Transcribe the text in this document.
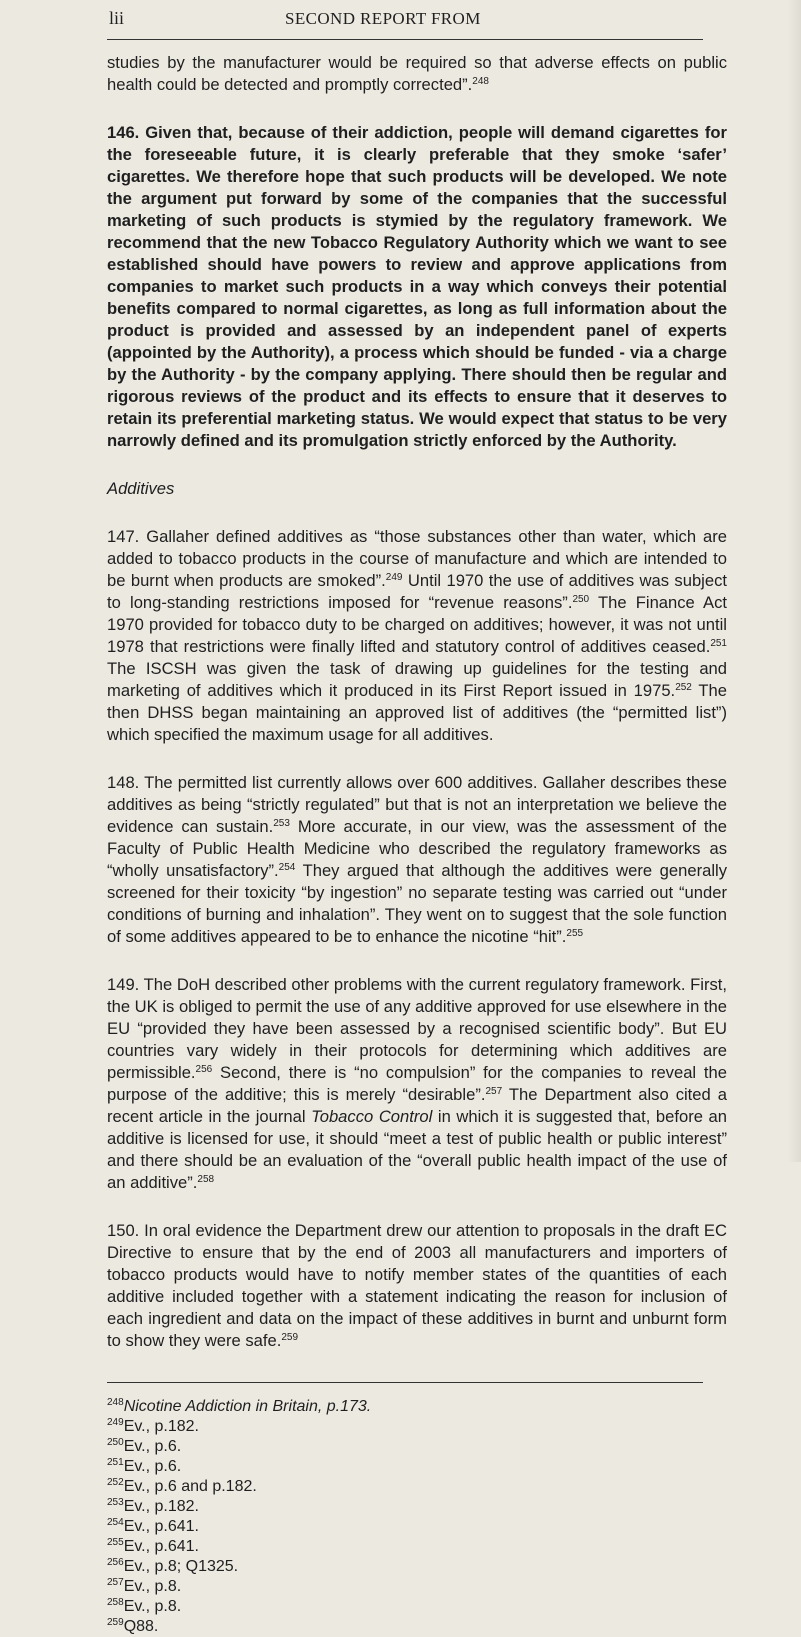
lii	SECOND REPORT FROM

studies by the manufacturer would be required so that adverse effects on public health could be detected and promptly corrected”.$^{248}$

146. Given that, because of their addiction, people will demand cigarettes for the foreseeable future, it is clearly preferable that they smoke ‘safer’ cigarettes. We therefore hope that such products will be developed. We note the argument put forward by some of the companies that the successful marketing of such products is stymied by the regulatory framework. We recommend that the new Tobacco Regulatory Authority which we want to see established should have powers to review and approve applications from companies to market such products in a way which conveys their potential benefits compared to normal cigarettes, as long as full information about the product is provided and assessed by an independent panel of experts (appointed by the Authority), a process which should be funded - via a charge by the Authority - by the company applying. There should then be regular and rigorous reviews of the product and its effects to ensure that it deserves to retain its preferential marketing status. We would expect that status to be very narrowly defined and its promulgation strictly enforced by the Authority.

Additives

147. Gallaher defined additives as “those substances other than water, which are added to tobacco products in the course of manufacture and which are intended to be burnt when products are smoked”.$^{249}$ Until 1970 the use of additives was subject to long-standing restrictions imposed for “revenue reasons”.$^{250}$ The Finance Act 1970 provided for tobacco duty to be charged on additives; however, it was not until 1978 that restrictions were finally lifted and statutory control of additives ceased.$^{251}$ The ISCSH was given the task of drawing up guidelines for the testing and marketing of additives which it produced in its First Report issued in 1975.$^{252}$ The then DHSS began maintaining an approved list of additives (the “permitted list”) which specified the maximum usage for all additives.

148. The permitted list currently allows over 600 additives. Gallaher describes these additives as being “strictly regulated” but that is not an interpretation we believe the evidence can sustain.$^{253}$ More accurate, in our view, was the assessment of the Faculty of Public Health Medicine who described the regulatory frameworks as “wholly unsatisfactory”.$^{254}$ They argued that although the additives were generally screened for their toxicity “by ingestion” no separate testing was carried out “under conditions of burning and inhalation”. They went on to suggest that the sole function of some additives appeared to be to enhance the nicotine “hit”.$^{255}$

149. The DoH described other problems with the current regulatory framework. First, the UK is obliged to permit the use of any additive approved for use elsewhere in the EU “provided they have been assessed by a recognised scientific body”. But EU countries vary widely in their protocols for determining which additives are permissible.$^{256}$ Second, there is “no compulsion” for the companies to reveal the purpose of the additive; this is merely “desirable”.$^{257}$ The Department also cited a recent article in the journal Tobacco Control in which it is suggested that, before an additive is licensed for use, it should “meet a test of public health or public interest” and there should be an evaluation of the “overall public health impact of the use of an additive”.$^{258}$

150. In oral evidence the Department drew our attention to proposals in the draft EC Directive to ensure that by the end of 2003 all manufacturers and importers of tobacco products would have to notify member states of the quantities of each additive included together with a statement indicating the reason for inclusion of each ingredient and data on the impact of these additives in burnt and unburnt form to show they were safe.$^{259}$

$^{248}$Nicotine Addiction in Britain, p.173.
$^{249}$Ev., p.182.
$^{250}$Ev., p.6.
$^{251}$Ev., p.6.
$^{252}$Ev., p.6 and p.182.
$^{253}$Ev., p.182.
$^{254}$Ev., p.641.
$^{255}$Ev., p.641.
$^{256}$Ev., p.8; Q1325.
$^{257}$Ev., p.8.
$^{258}$Ev., p.8.
$^{259}$Q88.
